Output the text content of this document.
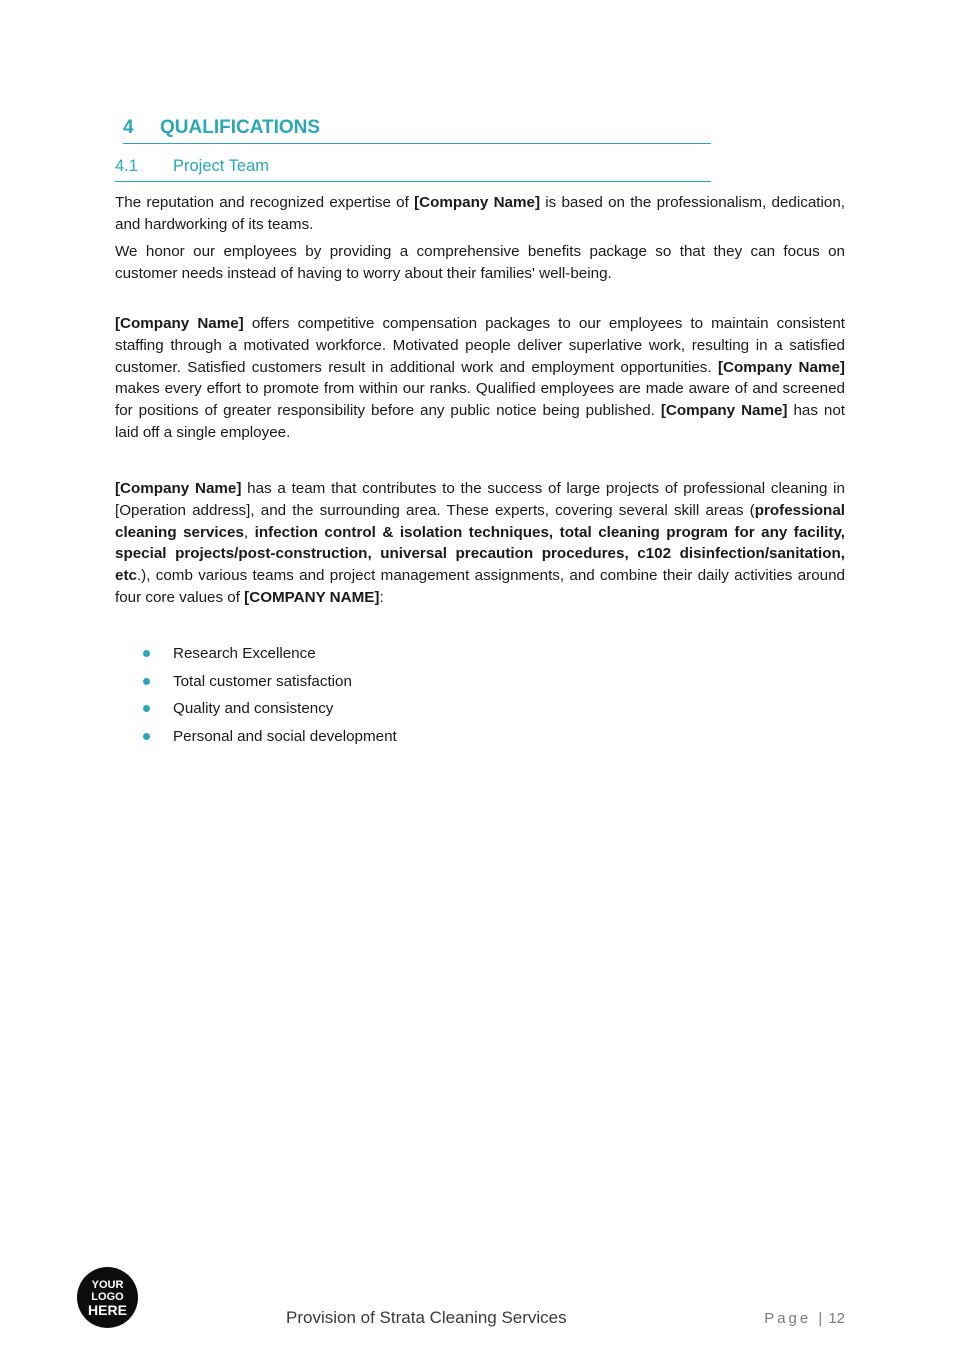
4 QUALIFICATIONS
4.1 Project Team

The reputation and recognized expertise of [Company Name] is based on the professionalism, dedication, and hardworking of its teams.

We honor our employees by providing a comprehensive benefits package so that they can focus on customer needs instead of having to worry about their families' well-being.

[Company Name] offers competitive compensation packages to our employees to maintain consistent staffing through a motivated workforce. Motivated people deliver superlative work, resulting in a satisfied customer. Satisfied customers result in additional work and employment opportunities. [Company Name] makes every effort to promote from within our ranks. Qualified employees are made aware of and screened for positions of greater responsibility before any public notice being published. [Company Name] has not laid off a single employee.

[Company Name] has a team that contributes to the success of large projects of professional cleaning in [Operation address], and the surrounding area. These experts, covering several skill areas (professional cleaning services, infection control & isolation techniques, total cleaning program for any facility, special projects/post-construction, universal precaution procedures, c102 disinfection/sanitation, etc.), comb various teams and project management assignments, and combine their daily activities around four core values of [COMPANY NAME]:

Research Excellence
Total customer satisfaction
Quality and consistency
Personal and social development
YOUR
LOGO
HERE	Provision of Strata Cleaning Services	Page | 12
